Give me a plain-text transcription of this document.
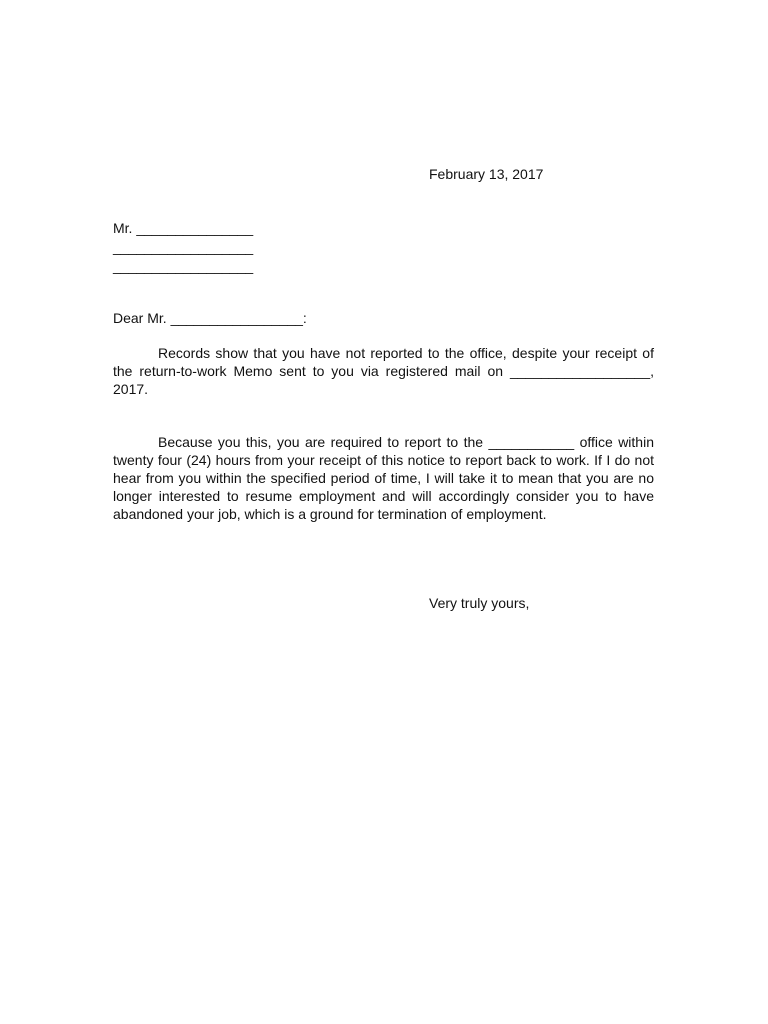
February 13, 2017
Mr. _______________
__________________
__________________
Dear Mr. _________________:

Records show that you have not reported to the office, despite your receipt of the return-to-work Memo sent to you via registered mail on __________________, 2017.

Because you this, you are required to report to the ___________ office within twenty four (24) hours from your receipt of this notice to report back to work. If I do not hear from you within the specified period of time, I will take it to mean that you are no longer interested to resume employment and will accordingly consider you to have abandoned your job, which is a ground for termination of employment.

Very truly yours,
